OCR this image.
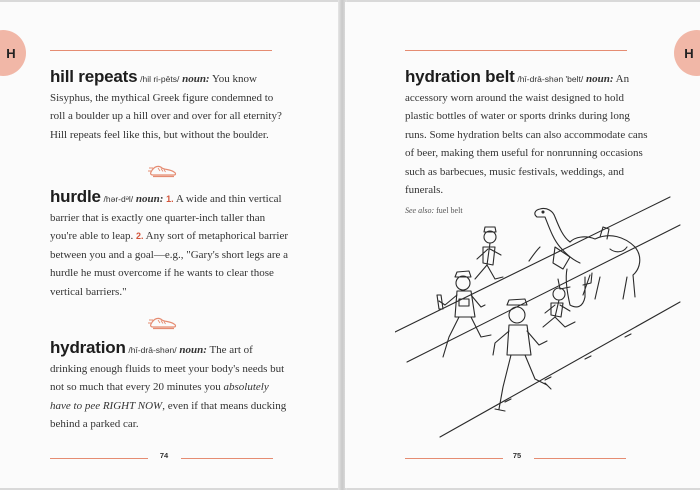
H
hill repeats /hil ri-pēts/ noun: You know Sisyphus, the mythical Greek figure condemned to roll a boulder up a hill over and over for all eternity? Hill repeats feel like this, but without the boulder.
hurdle /hər-dᵊl/ noun: 1. A wide and thin vertical barrier that is exactly one quarter-inch taller than you're able to leap. 2. Any sort of metaphorical barrier between you and a goal—e.g., "Gary's short legs are a hurdle he must overcome if he wants to clear those vertical barriers."
hydration /hī-drā-shən/ noun: The art of drinking enough fluids to meet your body's needs but not so much that every 20 minutes you absolutely have to pee RIGHT NOW, even if that means ducking behind a parked car.
74
H
hydration belt /hī-drā-shən 'belt/ noun: An accessory worn around the waist designed to hold plastic bottles of water or sports drinks during long runs. Some hydration belts can also accommodate cans of beer, making them useful for nonrunning occasions such as barbecues, music festivals, weddings, and funerals.
See also: fuel belt
75
